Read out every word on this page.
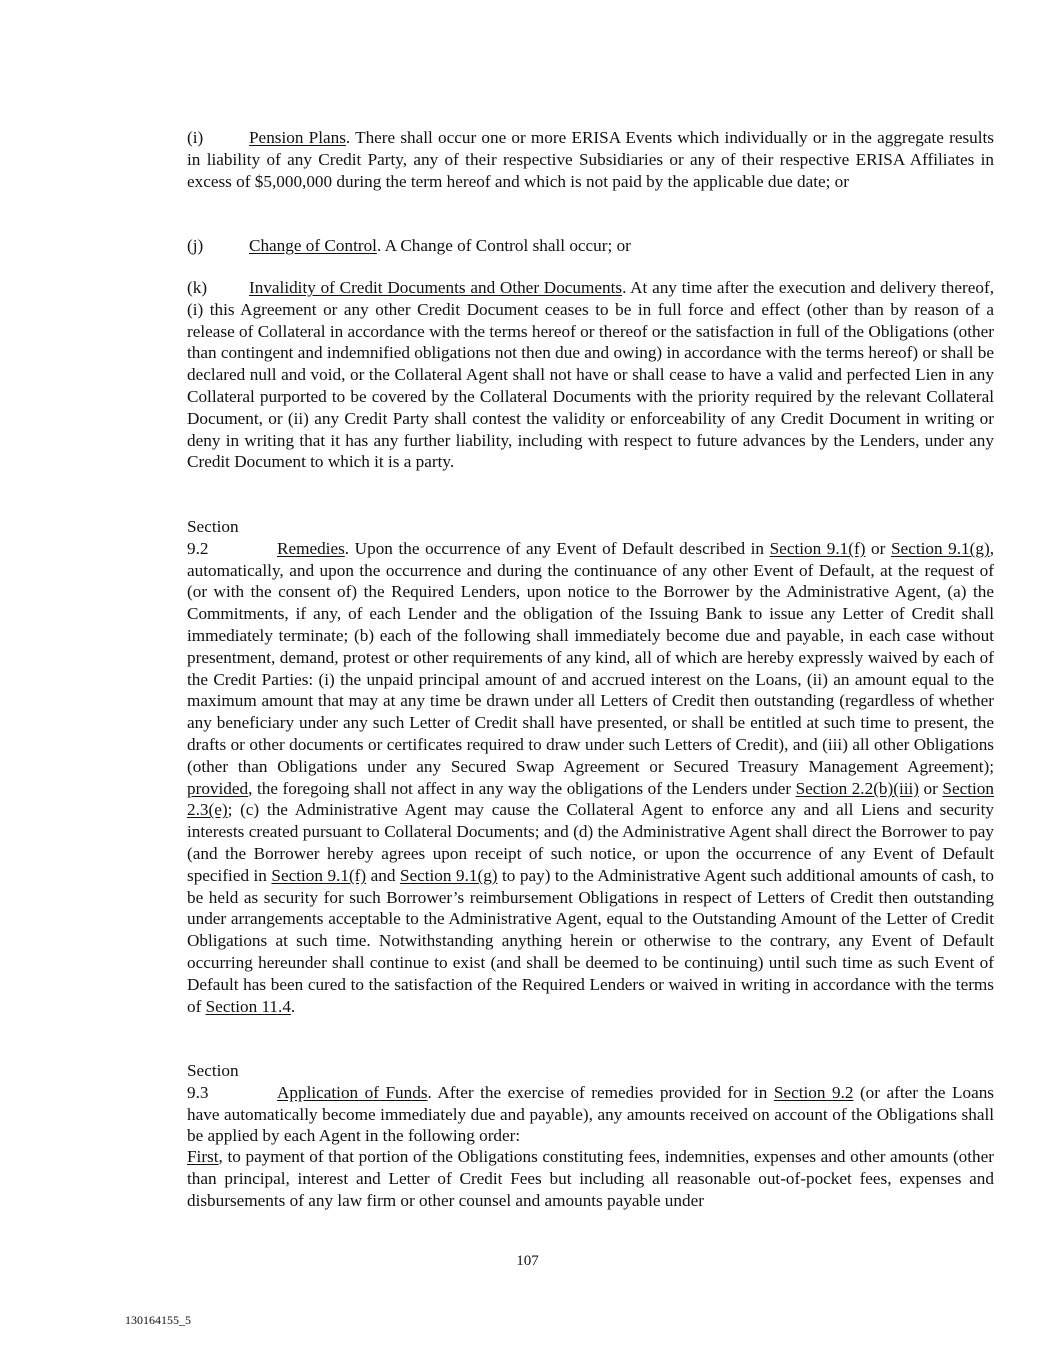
(i)	Pension Plans. There shall occur one or more ERISA Events which individually or in the aggregate results in liability of any Credit Party, any of their respective Subsidiaries or any of their respective ERISA Affiliates in excess of $5,000,000 during the term hereof and which is not paid by the applicable due date; or

(j)	Change of Control. A Change of Control shall occur; or

(k) Invalidity of Credit Documents and Other Documents. At any time after the execution and delivery thereof, (i) this Agreement or any other Credit Document ceases to be in full force and effect (other than by reason of a release of Collateral in accordance with the terms hereof or thereof or the satisfaction in full of the Obligations (other than contingent and indemnified obligations not then due and owing) in accordance with the terms hereof) or shall be declared null and void, or the Collateral Agent shall not have or shall cease to have a valid and perfected Lien in any Collateral purported to be covered by the Collateral Documents with the priority required by the relevant Collateral Document, or (ii) any Credit Party shall contest the validity or enforceability of any Credit Document in writing or deny in writing that it has any further liability, including with respect to future advances by the Lenders, under any Credit Document to which it is a party.

Section 9.2	Remedies. Upon the occurrence of any Event of Default described in Section 9.1(f) or Section 9.1(g), automatically, and upon the occurrence and during the continuance of any other Event of Default, at the request of (or with the consent of) the Required Lenders, upon notice to the Borrower by the Administrative Agent, (a) the Commitments, if any, of each Lender and the obligation of the Issuing Bank to issue any Letter of Credit shall immediately terminate; (b) each of the following shall immediately become due and payable, in each case without presentment, demand, protest or other requirements of any kind, all of which are hereby expressly waived by each of the Credit Parties: (i) the unpaid principal amount of and accrued interest on the Loans, (ii) an amount equal to the maximum amount that may at any time be drawn under all Letters of Credit then outstanding (regardless of whether any beneficiary under any such Letter of Credit shall have presented, or shall be entitled at such time to present, the drafts or other documents or certificates required to draw under such Letters of Credit), and (iii) all other Obligations (other than Obligations under any Secured Swap Agreement or Secured Treasury Management Agreement); provided, the foregoing shall not affect in any way the obligations of the Lenders under Section 2.2(b)(iii) or Section 2.3(e); (c) the Administrative Agent may cause the Collateral Agent to enforce any and all Liens and security interests created pursuant to Collateral Documents; and (d) the Administrative Agent shall direct the Borrower to pay (and the Borrower hereby agrees upon receipt of such notice, or upon the occurrence of any Event of Default specified in Section 9.1(f) and Section 9.1(g) to pay) to the Administrative Agent such additional amounts of cash, to be held as security for such Borrower’s reimbursement Obligations in respect of Letters of Credit then outstanding under arrangements acceptable to the Administrative Agent, equal to the Outstanding Amount of the Letter of Credit Obligations at such time. Notwithstanding anything herein or otherwise to the contrary, any Event of Default occurring hereunder shall continue to exist (and shall be deemed to be continuing) until such time as such Event of Default has been cured to the satisfaction of the Required Lenders or waived in writing in accordance with the terms of Section 11.4.

Section 9.3	Application of Funds. After the exercise of remedies provided for in Section 9.2 (or after the Loans have automatically become immediately due and payable), any amounts received on account of the Obligations shall be applied by each Agent in the following order:

First, to payment of that portion of the Obligations constituting fees, indemnities, expenses and other amounts (other than principal, interest and Letter of Credit Fees but including all reasonable out-of-pocket fees, expenses and disbursements of any law firm or other counsel and amounts payable under

107
130164155_5
